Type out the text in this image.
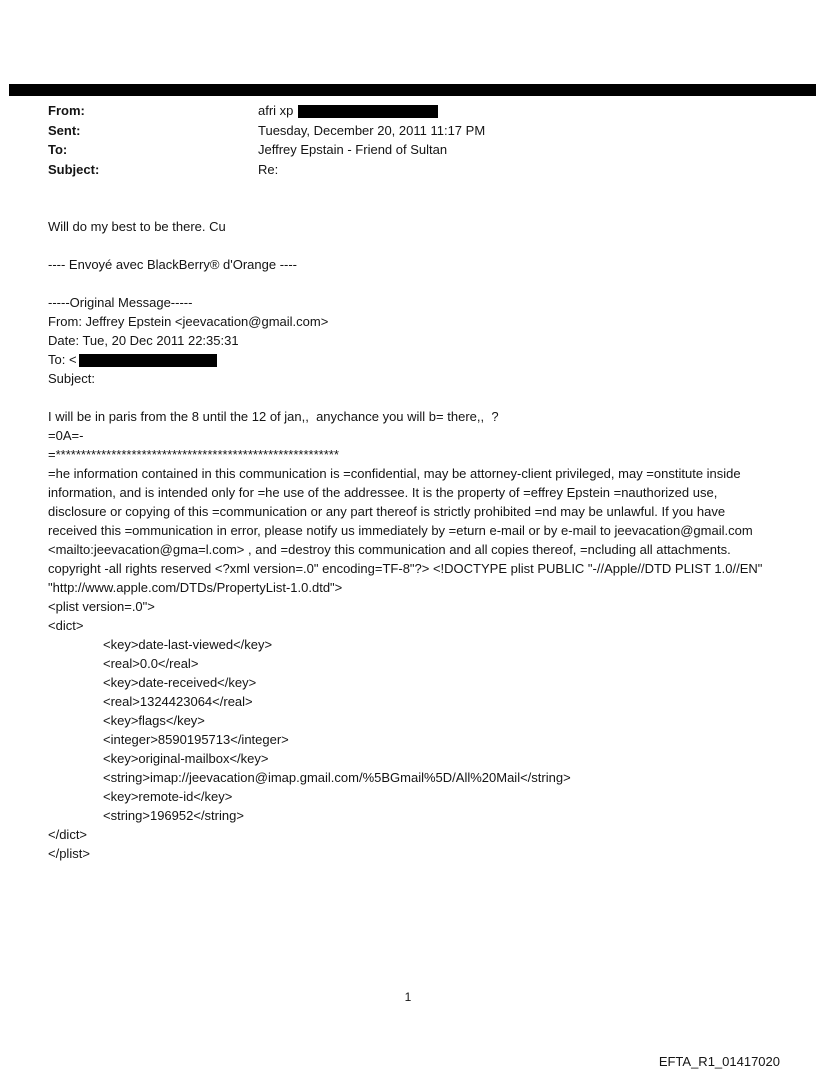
From:	afri xp
Sent:	Tuesday, December 20, 2011 11:17 PM
To:	Jeffrey Epstain - Friend of Sultan
Subject:	Re:
Will do my best to be there. Cu
---- Envoyé avec BlackBerry® d'Orange ----
-----Original Message-----
From: Jeffrey Epstein <jeevacation@gmail.com>
Date: Tue, 20 Dec 2011 22:35:31
To: <
Subject:
I will be in paris from the 8 until the 12 of jan,,  anychance you will b= there,,  ?
=0A=-
=********************************************************
=he information contained in this communication is =confidential, may be attorney-client privileged, may =onstitute inside information, and is intended only for =he use of the addressee. It is the property of =effrey Epstein =nauthorized use, disclosure or copying of this =communication or any part thereof is strictly prohibited =nd may be unlawful. If you have received this =ommunication in error, please notify us immediately by =eturn e-mail or by e-mail to jeevacation@gmail.com <mailto:jeevacation@gma=l.com> , and =destroy this communication and all copies thereof, =ncluding all attachments. copyright -all rights reserved <?xml version=.0" encoding=TF-8"?> <!DOCTYPE plist PUBLIC "-//Apple//DTD PLIST 1.0//EN" "http://www.apple.com/DTDs/PropertyList-1.0.dtd">
<plist version=.0">
<dict>
<key>date-last-viewed</key>
<real>0.0</real>
<key>date-received</key>
<real>1324423064</real>
<key>flags</key>
<integer>8590195713</integer>
<key>original-mailbox</key>
<string>imap://jeevacation@imap.gmail.com/%5BGmail%5D/All%20Mail</string>
<key>remote-id</key>
<string>196952</string>
</dict>
</plist>
1
EFTA_R1_01417020
